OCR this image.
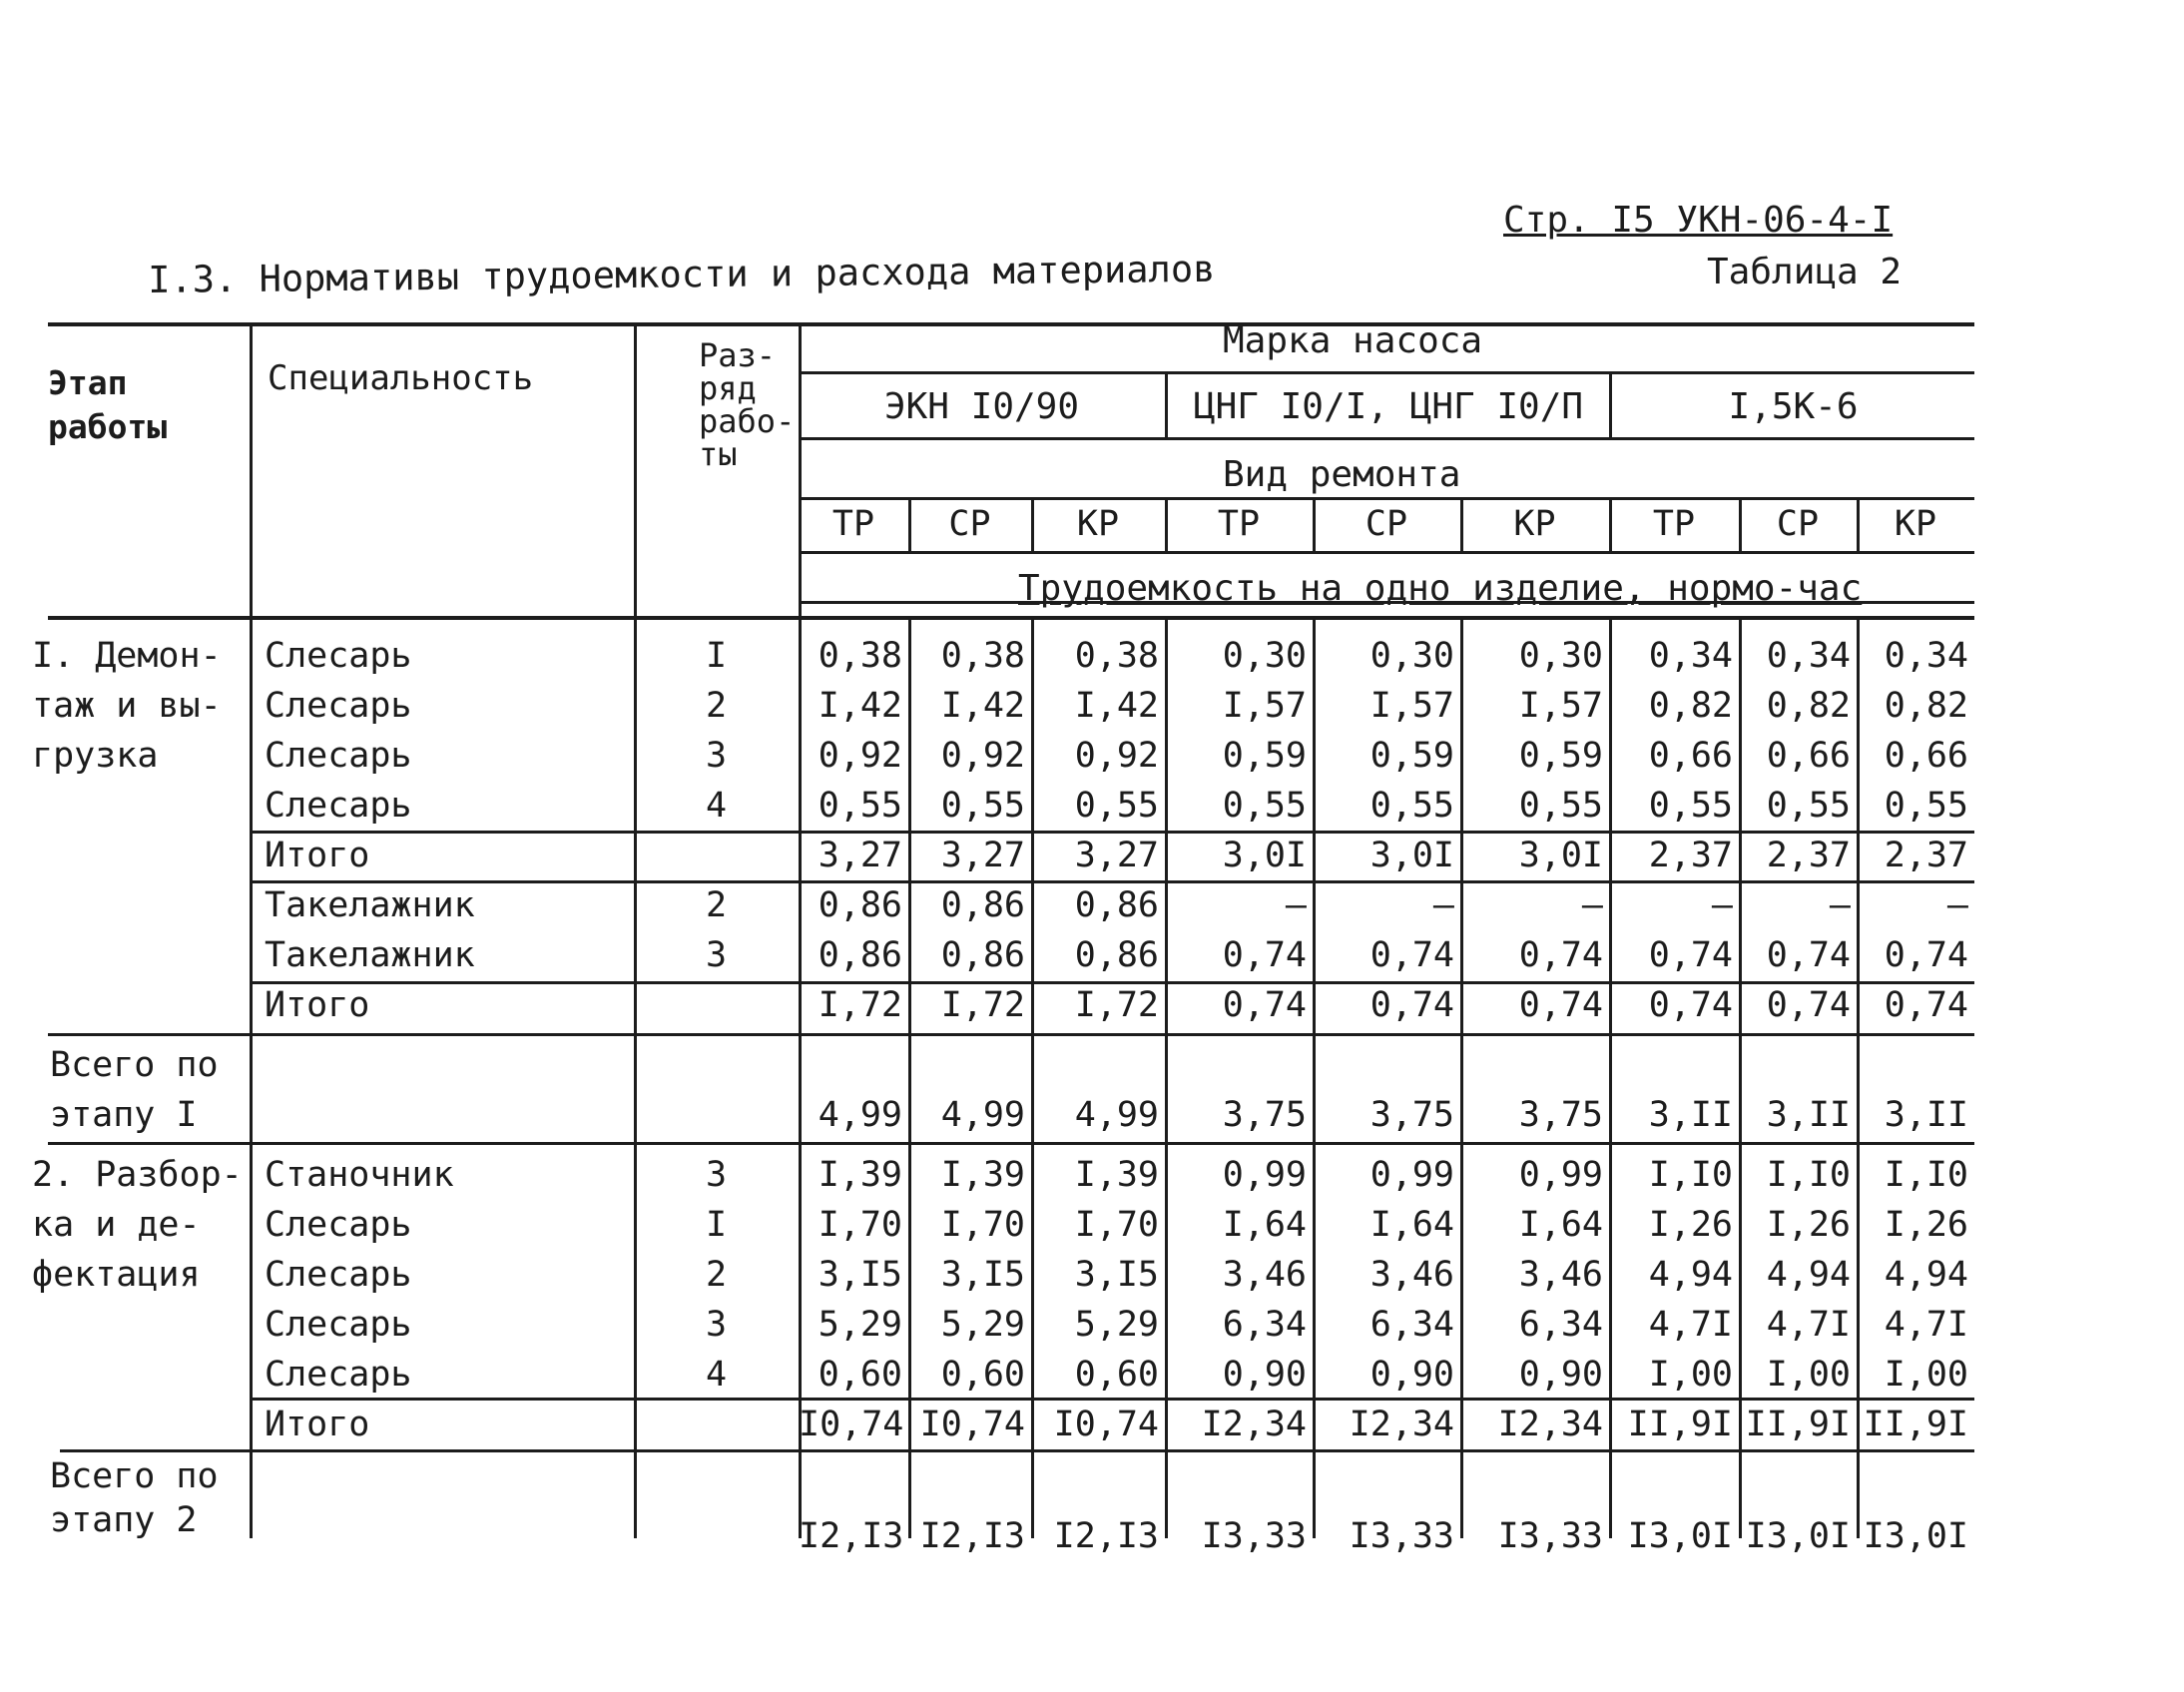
Стр. I5 УКН-06-4-I
I.3. Нормативы трудоемкости и расхода материалов	Таблица 2
Этап работы
Специальность
Раз- ряд рабо- ты
Марка насоса
ЭКН I0/90	ЦНГ I0/I, ЦНГ I0/П	I,5К-6
Вид ремонта
Трудоемкость на одно изделие, нормо-час
ТР	СР	КР	ТР	СР	КР	ТР	СР	КР
I. Демон-
таж и вы-
грузка
Слесарь	I	0,38	0,38	0,38	0,30	0,30	0,30	0,34 0,34 0,34
Слесарь	2	I,42	I,42	I,42	I,57	I,57	I,57	0,82 0,82 0,82
Слесарь	3	0,92	0,92	0,92	0,59	0,59	0,59	0,66 0,66 0,66
Слесарь	4	0,55	0,55	0,55	0,55	0,55	0,55	0,55 0,55 0,55
Итого	3,27	3,27	3,27	3,0I	3,0I	3,0I	2,37 2,37 2,37
Такелажник	2	0,86	0,86	0,86	–	–	–	–	–	–
Такелажник	3	0,86	0,86	0,86	0,74	0,74	0,74	0,74 0,74 0,74
Итого	I,72	I,72	I,72	0,74	0,74	0,74	0,74 0,74 0,74
Всего по
этапу I	4,99	4,99	4,99	3,75	3,75	3,75	3,II 3,II 3,II
2. Разбор-
ка и де-
фектация
Станочник	3	I,39	I,39	I,39	0,99	0,99	0,99	I,I0 I,I0 I,I0
Слесарь	I	I,70	I,70	I,70	I,64	I,64	I,64	I,26 I,26 I,26
Слесарь	2	3,I5	3,I5	3,I5	3,46	3,46	3,46	4,94 4,94 4,94
Слесарь	3	5,29	5,29	5,29	6,34	6,34	6,34	4,7I 4,7I 4,7I
Слесарь	4	0,60	0,60	0,60	0,90	0,90	0,90	I,00 I,00 I,00
Итого	I0,74 I0,74 I0,74	I2,34	I2,34	I2,34 II,9I II,9I II,9I
Всего по
этапу 2	I2,I3 I2,I3 I2,I3	I3,33	I3,33	I3,33 I3,0I I3,0I I3,0I
